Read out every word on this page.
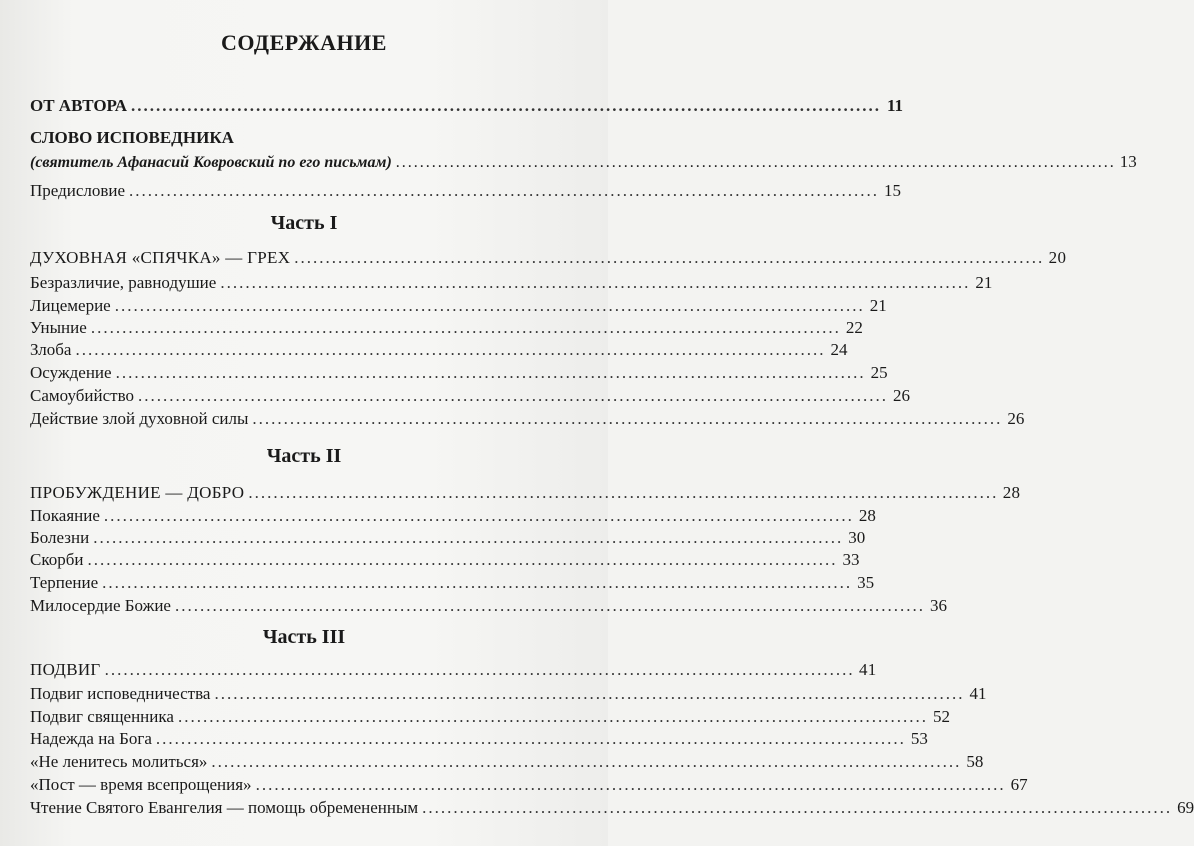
СОДЕРЖАНИЕ
ОТ АВТОРА ........................................................................................................................ 11
СЛОВО ИСПОВЕДНИКА
(святитель Афанасий Ковровский по его письмам) ........................................................................................................................ 13
Предисловие ........................................................................................................................ 15
Часть I
ДУХОВНАЯ «СПЯЧКА» — ГРЕХ ........................................................................................................................ 20
Безразличие, равнодушие ........................................................................................................................ 21
Лицемерие ........................................................................................................................ 21
Уныние ........................................................................................................................ 22
Злоба ........................................................................................................................ 24
Осуждение ........................................................................................................................ 25
Самоубийство ........................................................................................................................ 26
Действие злой духовной силы ........................................................................................................................ 26
Часть II
ПРОБУЖДЕНИЕ — ДОБРО ........................................................................................................................ 28
Покаяние ........................................................................................................................ 28
Болезни ........................................................................................................................ 30
Скорби ........................................................................................................................ 33
Терпение ........................................................................................................................ 35
Милосердие Божие ........................................................................................................................ 36
Часть III
ПОДВИГ ........................................................................................................................ 41
Подвиг исповедничества ........................................................................................................................ 41
Подвиг священника ........................................................................................................................ 52
Надежда на Бога ........................................................................................................................ 53
«Не ленитесь молиться» ........................................................................................................................ 58
«Пост — время всепрощения» ........................................................................................................................ 67
Чтение Святого Евангелия — помощь обремененным ........................................................................................................................ 69
